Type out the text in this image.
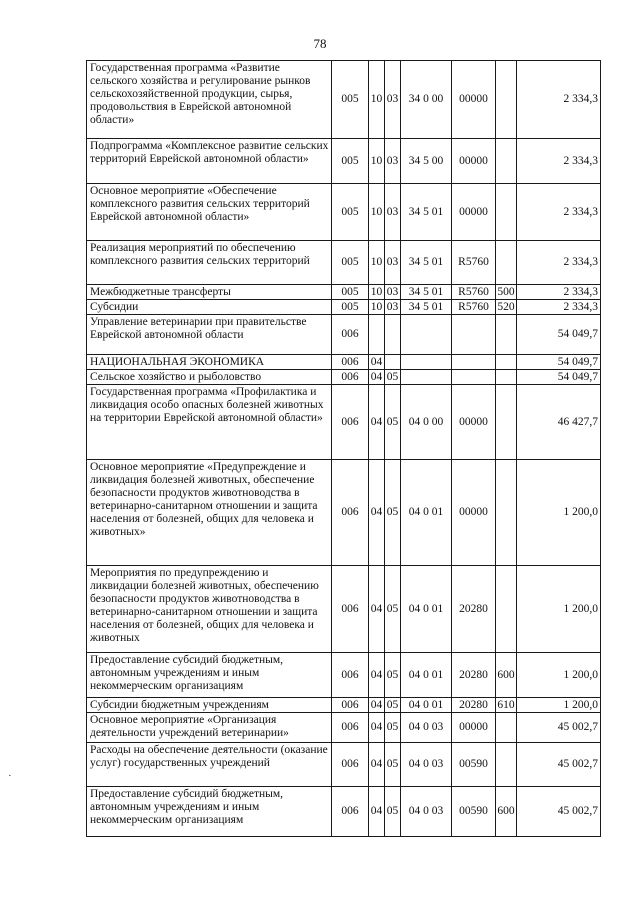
78
·
Государственная программа «Развитие сельского хозяйства и регулирование рынков сельскохозяйственной продукции, сырья, продовольствия в Еврейской автономной области»	005	10	03	34 0 00	00000		2 334,3
Подпрограмма «Комплексное развитие сельских территорий Еврейской автономной области»	005	10	03	34 5 00	00000		2 334,3
Основное мероприятие «Обеспечение комплексного развития сельских территорий Еврейской автономной области»	005	10	03	34 5 01	00000		2 334,3
Реализация мероприятий по обеспечению комплексного развития сельских территорий	005	10	03	34 5 01	R5760		2 334,3
Межбюджетные трансферты	005	10	03	34 5 01	R5760	500	2 334,3
Субсидии	005	10	03	34 5 01	R5760	520	2 334,3
Управление ветеринарии при правительстве Еврейской автономной области	006						54 049,7
НАЦИОНАЛЬНАЯ ЭКОНОМИКА	006	04					54 049,7
Сельское хозяйство и рыболовство	006	04	05				54 049,7
Государственная программа «Профилактика и ликвидация особо опасных болезней животных на территории Еврейской автономной области»	006	04	05	04 0 00	00000		46 427,7
Основное мероприятие «Предупреждение и ликвидация болезней животных, обеспечение безопасности продуктов животноводства в ветеринарно-санитарном отношении и защита населения от болезней, общих для человека и животных»	006	04	05	04 0 01	00000		1 200,0
Мероприятия по предупреждению и ликвидации болезней животных, обеспечению безопасности продуктов животноводства в ветеринарно-санитарном отношении и защита населения от болезней, общих для человека и животных	006	04	05	04 0 01	20280		1 200,0
Предоставление субсидий бюджетным, автономным учреждениям и иным некоммерческим организациям	006	04	05	04 0 01	20280	600	1 200,0
Субсидии бюджетным учреждениям	006	04	05	04 0 01	20280	610	1 200,0
Основное мероприятие «Организация деятельности учреждений ветеринарии»	006	04	05	04 0 03	00000		45 002,7
Расходы на обеспечение деятельности (оказание услуг) государственных учреждений	006	04	05	04 0 03	00590		45 002,7
Предоставление субсидий бюджетным, автономным учреждениям и иным некоммерческим организациям	006	04	05	04 0 03	00590	600	45 002,7
